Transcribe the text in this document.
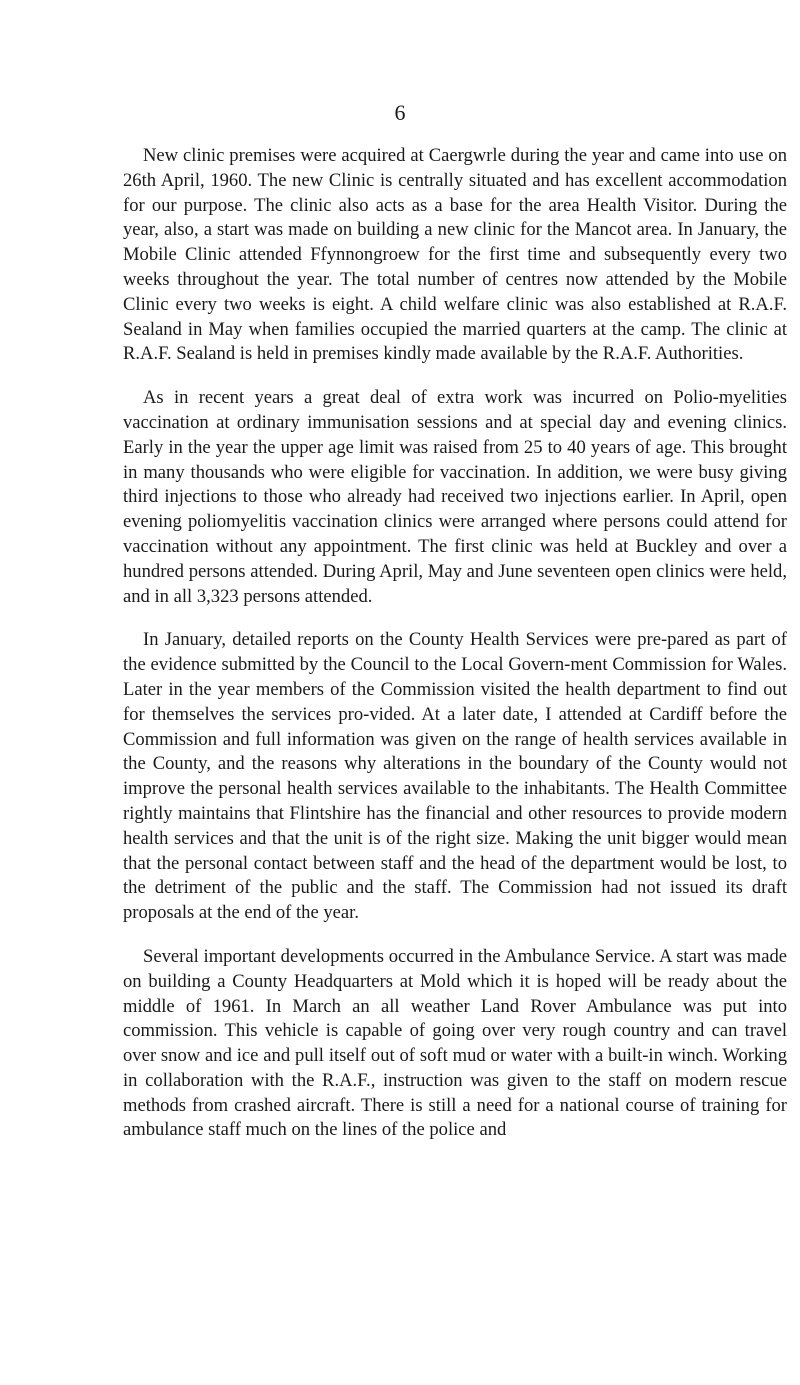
6

New clinic premises were acquired at Caergwrle during the year and came into use on 26th April, 1960. The new Clinic is centrally situated and has excellent accommodation for our purpose. The clinic also acts as a base for the area Health Visitor. During the year, also, a start was made on building a new clinic for the Mancot area. In January, the Mobile Clinic attended Ffynnongroew for the first time and subsequently every two weeks throughout the year. The total number of centres now attended by the Mobile Clinic every two weeks is eight. A child welfare clinic was also established at R.A.F. Sealand in May when families occupied the married quarters at the camp. The clinic at R.A.F. Sealand is held in premises kindly made available by the R.A.F. Authorities.

As in recent years a great deal of extra work was incurred on Polio-myelities vaccination at ordinary immunisation sessions and at special day and evening clinics. Early in the year the upper age limit was raised from 25 to 40 years of age. This brought in many thousands who were eligible for vaccination. In addition, we were busy giving third injections to those who already had received two injections earlier. In April, open evening poliomyelitis vaccination clinics were arranged where persons could attend for vaccination without any appointment. The first clinic was held at Buckley and over a hundred persons attended. During April, May and June seventeen open clinics were held, and in all 3,323 persons attended.

In January, detailed reports on the County Health Services were pre-pared as part of the evidence submitted by the Council to the Local Govern-ment Commission for Wales. Later in the year members of the Commission visited the health department to find out for themselves the services pro-vided. At a later date, I attended at Cardiff before the Commission and full information was given on the range of health services available in the County, and the reasons why alterations in the boundary of the County would not improve the personal health services available to the inhabitants. The Health Committee rightly maintains that Flintshire has the financial and other resources to provide modern health services and that the unit is of the right size. Making the unit bigger would mean that the personal contact between staff and the head of the department would be lost, to the detriment of the public and the staff. The Commission had not issued its draft proposals at the end of the year.

Several important developments occurred in the Ambulance Service. A start was made on building a County Headquarters at Mold which it is hoped will be ready about the middle of 1961. In March an all weather Land Rover Ambulance was put into commission. This vehicle is capable of going over very rough country and can travel over snow and ice and pull itself out of soft mud or water with a built-in winch. Working in collaboration with the R.A.F., instruction was given to the staff on modern rescue methods from crashed aircraft. There is still a need for a national course of training for ambulance staff much on the lines of the police and
